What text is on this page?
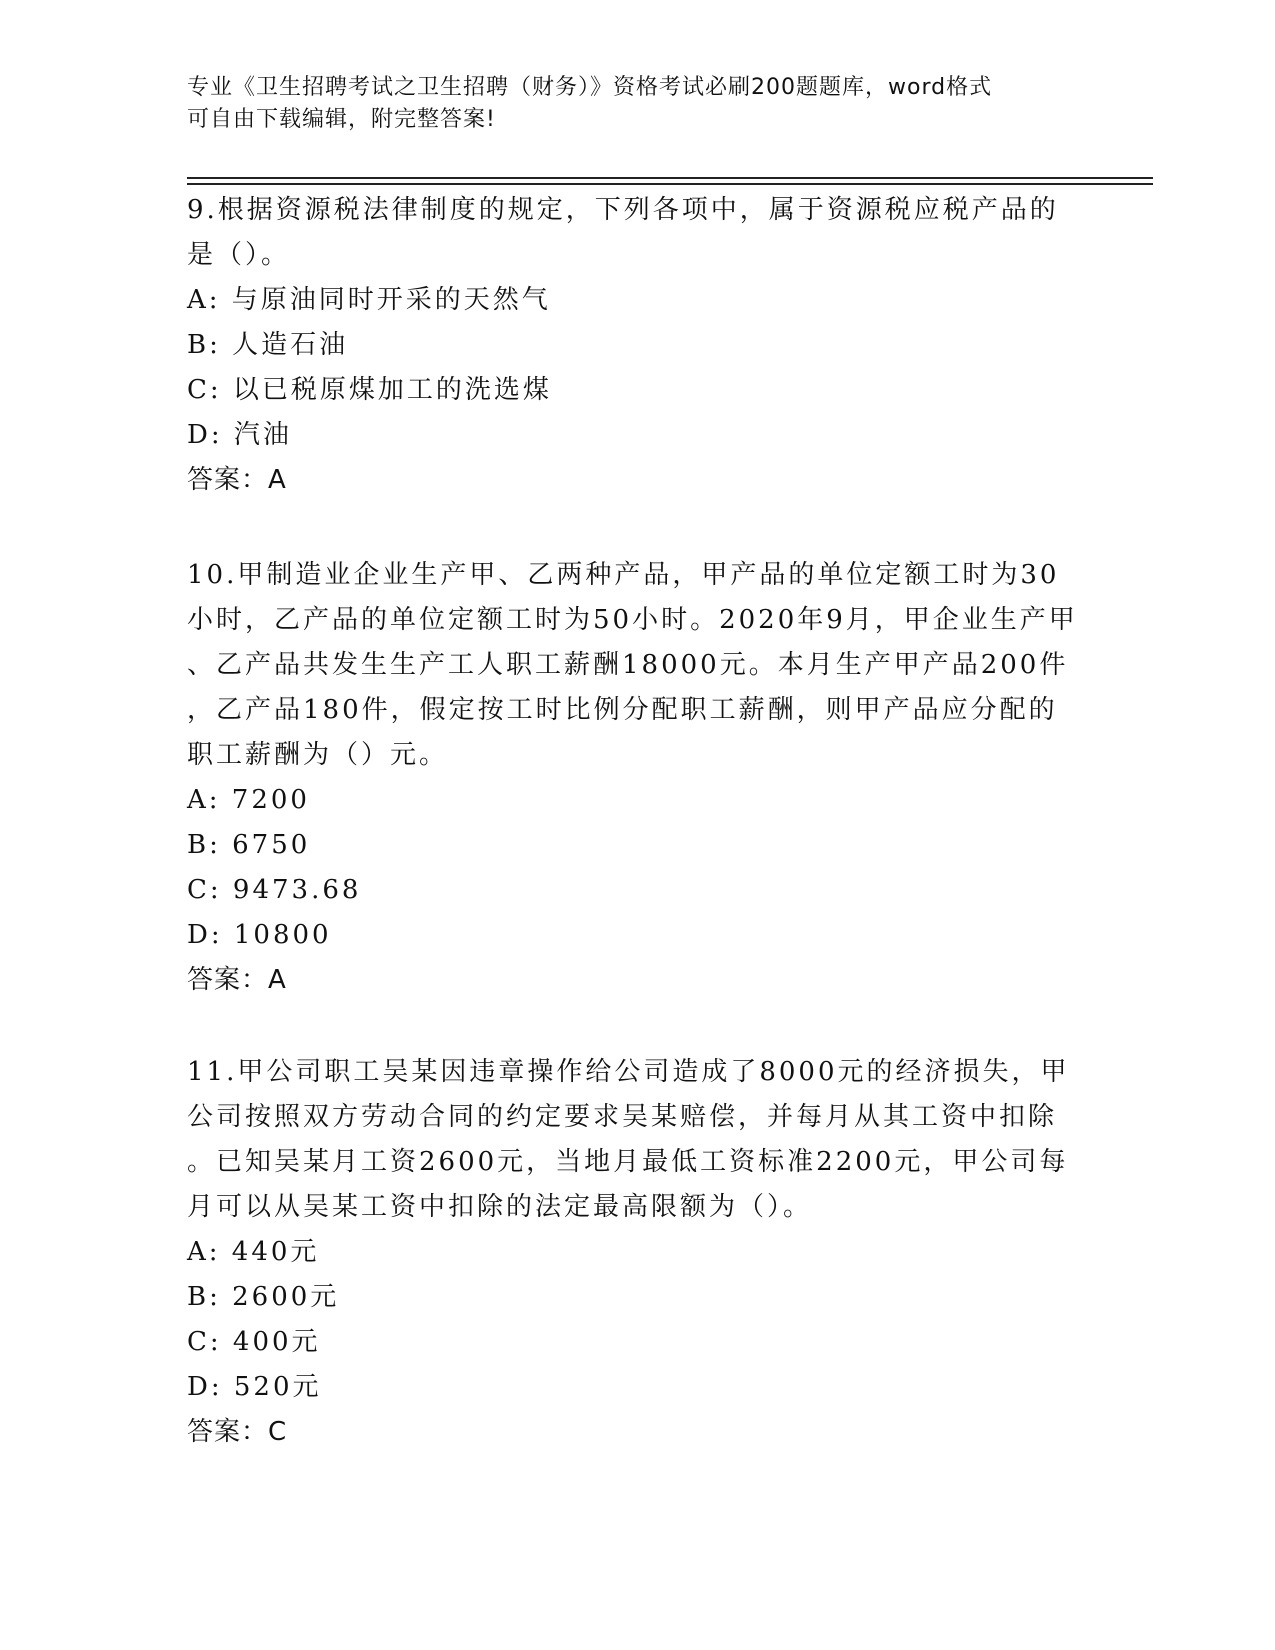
专业《卫生招聘考试之卫生招聘（财务）》资格考试必刷200题题库，word格式
可自由下载编辑，附完整答案!

9.根据资源税法律制度的规定，下列各项中，属于资源税应税产品的

是（）。

A: 与原油同时开采的天然气

B: 人造石油

C: 以已税原煤加工的洗选煤

D: 汽油

答案：A

10.甲制造业企业生产甲、乙两种产品，甲产品的单位定额工时为30

小时，乙产品的单位定额工时为50小时。2020年9月，甲企业生产甲

、乙产品共发生生产工人职工薪酬18000元。本月生产甲产品200件

，乙产品180件，假定按工时比例分配职工薪酬，则甲产品应分配的

职工薪酬为（）元。

A: 7200

B: 6750

C: 9473.68

D: 10800

答案：A

11.甲公司职工吴某因违章操作给公司造成了8000元的经济损失，甲

公司按照双方劳动合同的约定要求吴某赔偿，并每月从其工资中扣除

。已知吴某月工资2600元，当地月最低工资标准2200元，甲公司每

月可以从吴某工资中扣除的法定最高限额为（）。

A: 440元

B: 2600元

C: 400元

D: 520元

答案：C
